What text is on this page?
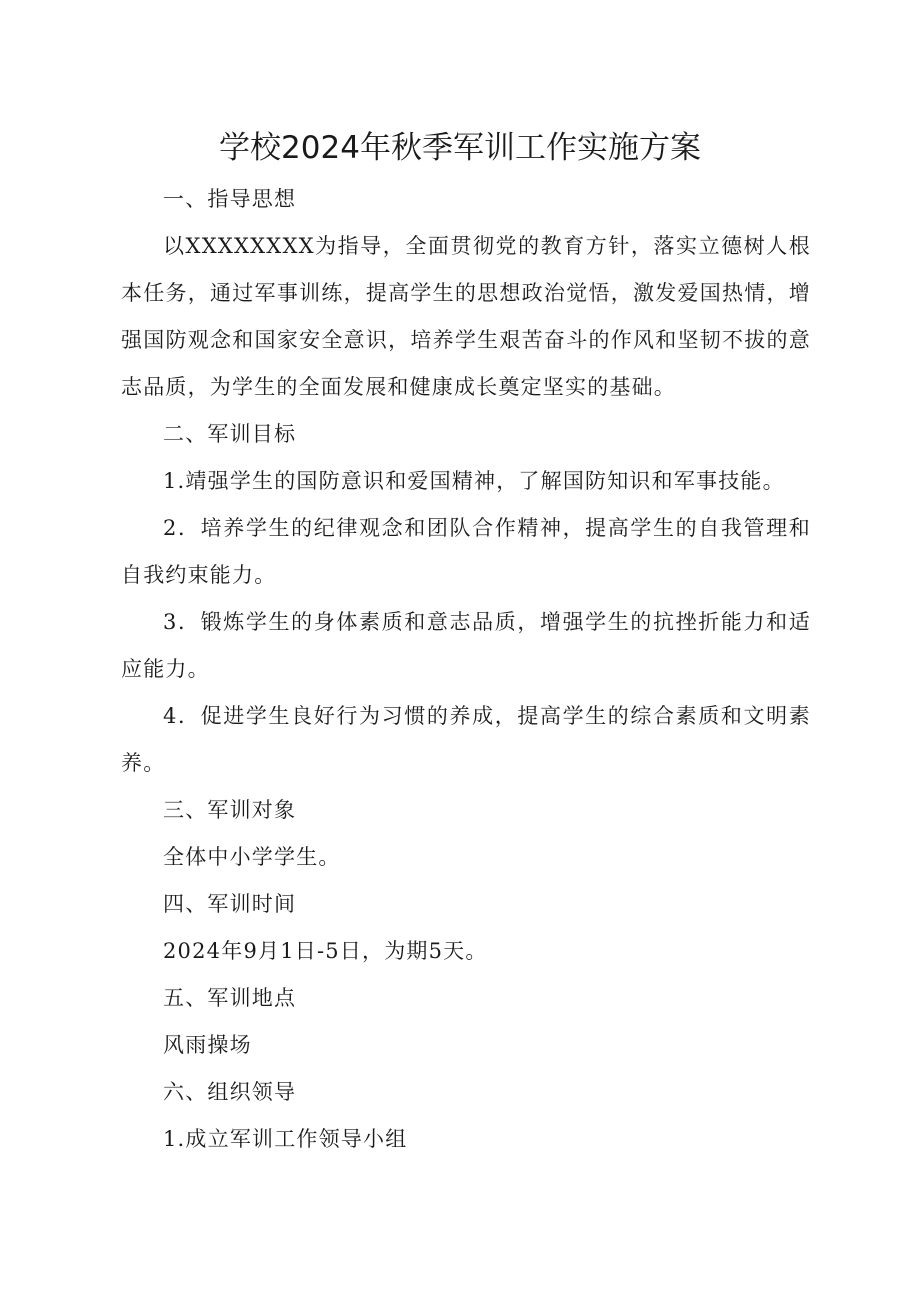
学校2024年秋季军训工作实施方案

一、指导思想

以XXXXXXXX为指导，全面贯彻党的教育方针，落实立德树人根本任务，通过军事训练，提高学生的思想政治觉悟，激发爱国热情，增强国防观念和国家安全意识，培养学生艰苦奋斗的作风和坚韧不拔的意志品质，为学生的全面发展和健康成长奠定坚实的基础。

二、军训目标

1.靖强学生的国防意识和爱国精神，了解国防知识和军事技能。

2．培养学生的纪律观念和团队合作精神，提高学生的自我管理和自我约束能力。

3．锻炼学生的身体素质和意志品质，增强学生的抗挫折能力和适应能力。

4．促进学生良好行为习惯的养成，提高学生的综合素质和文明素养。

三、军训对象

全体中小学学生。

四、军训时间

2024年9月1日-5日，为期5天。

五、军训地点

风雨操场

六、组织领导

1.成立军训工作领导小组
